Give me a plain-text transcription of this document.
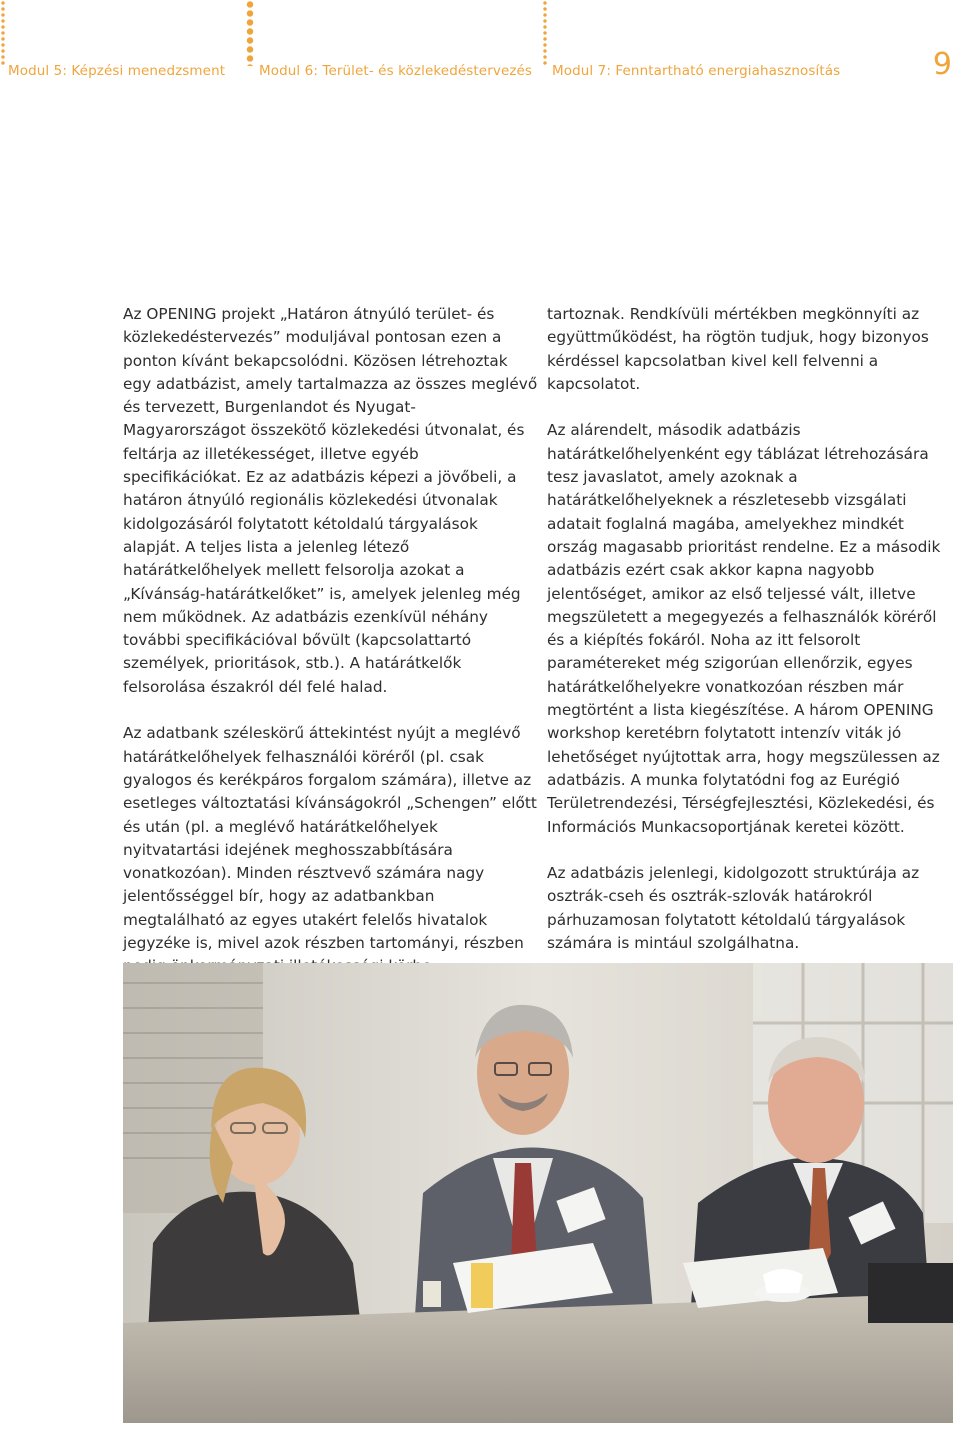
Modul 5: Képzési menedzsment	Modul 6: Terület- és közlekedéstervezés Modul 7: Fenntartható energiahasznosítás	9

Az OPENING projekt „Határon átnyúló terület- és közlekedéstervezés” moduljával pontosan ezen a ponton kívánt bekapcsolódni. Közösen létrehoztak egy adatbázist, amely tartalmazza az összes meglévő és tervezett, Burgenlandot és Nyugat-Magyarországot összekötő közlekedési útvonalat, és feltárja az illetékességet, illetve egyéb specifikációkat. Ez az adatbázis képezi a jövőbeli, a határon átnyúló regionális közlekedési útvonalak kidolgozásáról folytatott kétoldalú tárgyalások alapját. A teljes lista a jelenleg létező határátkelőhelyek mellett felsorolja azokat a „Kívánság-határátkelőket” is, amelyek jelenleg még nem működnek. Az adatbázis ezenkívül néhány további specifikációval bővült (kapcsolattartó személyek, prioritások, stb.). A határátkelők felsorolása északról dél felé halad.

Az adatbank széleskörű áttekintést nyújt a meglévő határátkelőhelyek felhasználói köréről (pl. csak gyalogos és kerékpáros forgalom számára), illetve az esetleges változtatási kívánságokról „Schengen” előtt és után (pl. a meglévő határátkelőhelyek nyitvatartási idejének meghosszabbítására vonatkozóan). Minden résztvevő számára nagy jelentősséggel bír, hogy az adatbankban megtalálható az egyes utakért felelős hivatalok jegyzéke is, mivel azok részben tartományi, részben

tartoznak. Rendkívüli mértékben megkönnyíti az együttműködést, ha rögtön tudjuk, hogy bizonyos kérdéssel kapcsolatban kivel kell felvenni a kapcsolatot.

Az alárendelt, második adatbázis határátkelőhelyenként egy táblázat létrehozására tesz javaslatot, amely azoknak a határátkelőhelyeknek a részletesebb vizsgálati adatait foglalná magába, amelyekhez mindkét ország magasabb prioritást rendelne. Ez a második adatbázis ezért csak akkor kapna nagyobb jelentőséget, amikor az első teljessé vált, illetve megszületett a megegyezés a felhasználók köréről és a kiépítés fokáról. Noha az itt felsorolt paramétereket még szigorúan ellenőrzik, egyes határátkelőhelyekre vonatkozóan részben már megtörtént a lista kiegészítése. A három OPENING workshop keretébrn folytatott intenzív viták jó lehetőséget nyújtottak arra, hogy megszülessen az adatbázis. A munka folytatódni fog az Eurégió Területrendezési, Térségfejlesztési, Közlekedési, és Információs Munkacsoportjának keretei között.

Az adatbázis jelenlegi, kidolgozott struktúrája az osztrák-cseh és osztrák-szlovák határokról párhuzamosan folytatott kétoldalú tárgyalások számára is mintául szolgálhatna.
